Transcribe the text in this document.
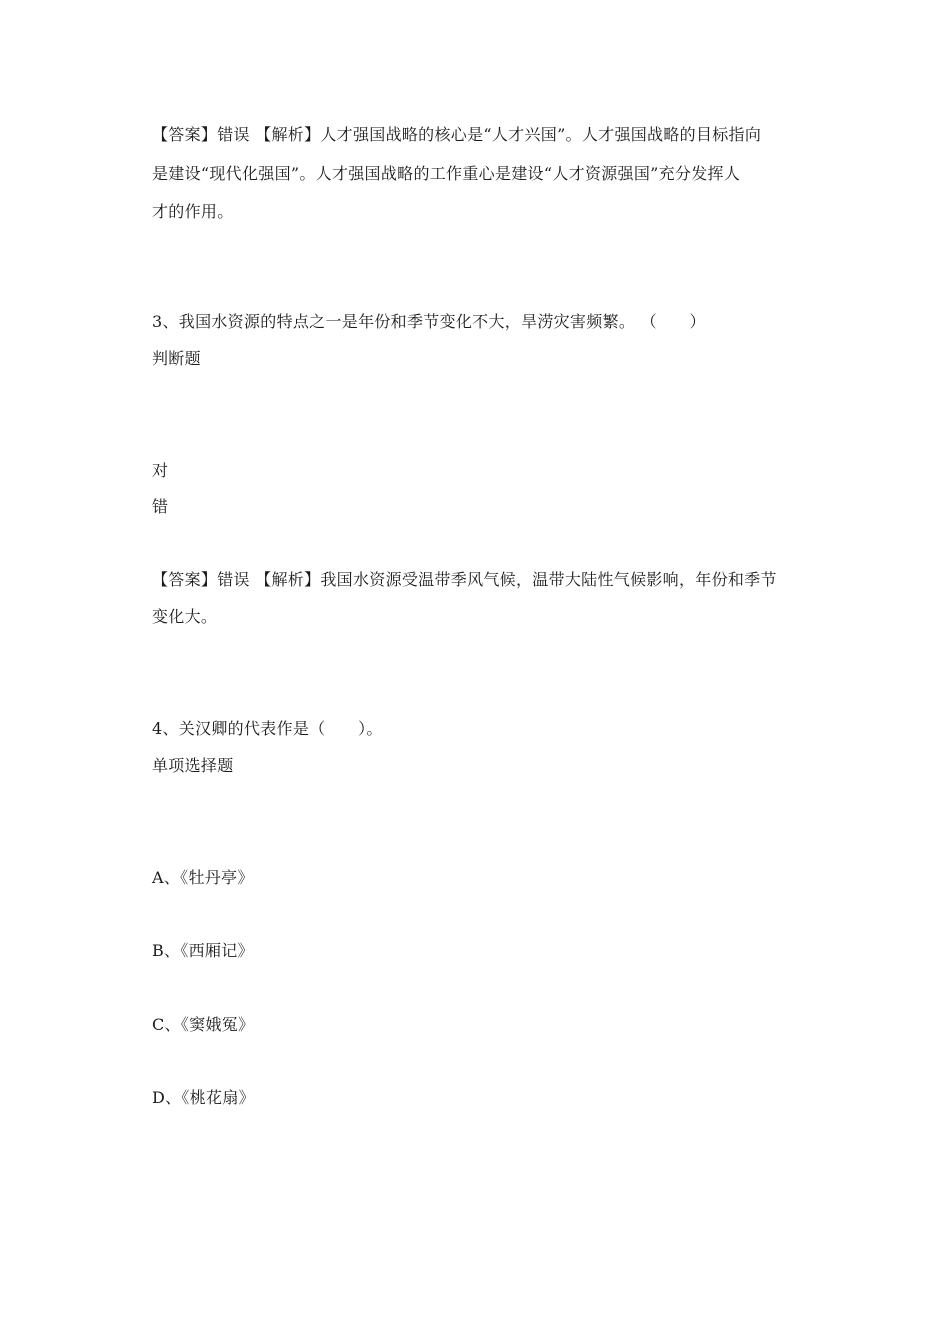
【答案】错误 【解析】人才强国战略的核心是“人才兴国”。人才强国战略的目标指向
是建设“现代化强国”。人才强国战略的工作重心是建设“人才资源强国”充分发挥人
才的作用。
3、我国水资源的特点之一是年份和季节变化不大，旱涝灾害频繁。 （　　）
判断题
对
错
【答案】错误 【解析】我国水资源受温带季风气候，温带大陆性气候影响，年份和季节
变化大。
4、关汉卿的代表作是（　　）。
单项选择题
A、《牡丹亭》
B、《西厢记》
C、《窦娥冤》
D、《桃花扇》
